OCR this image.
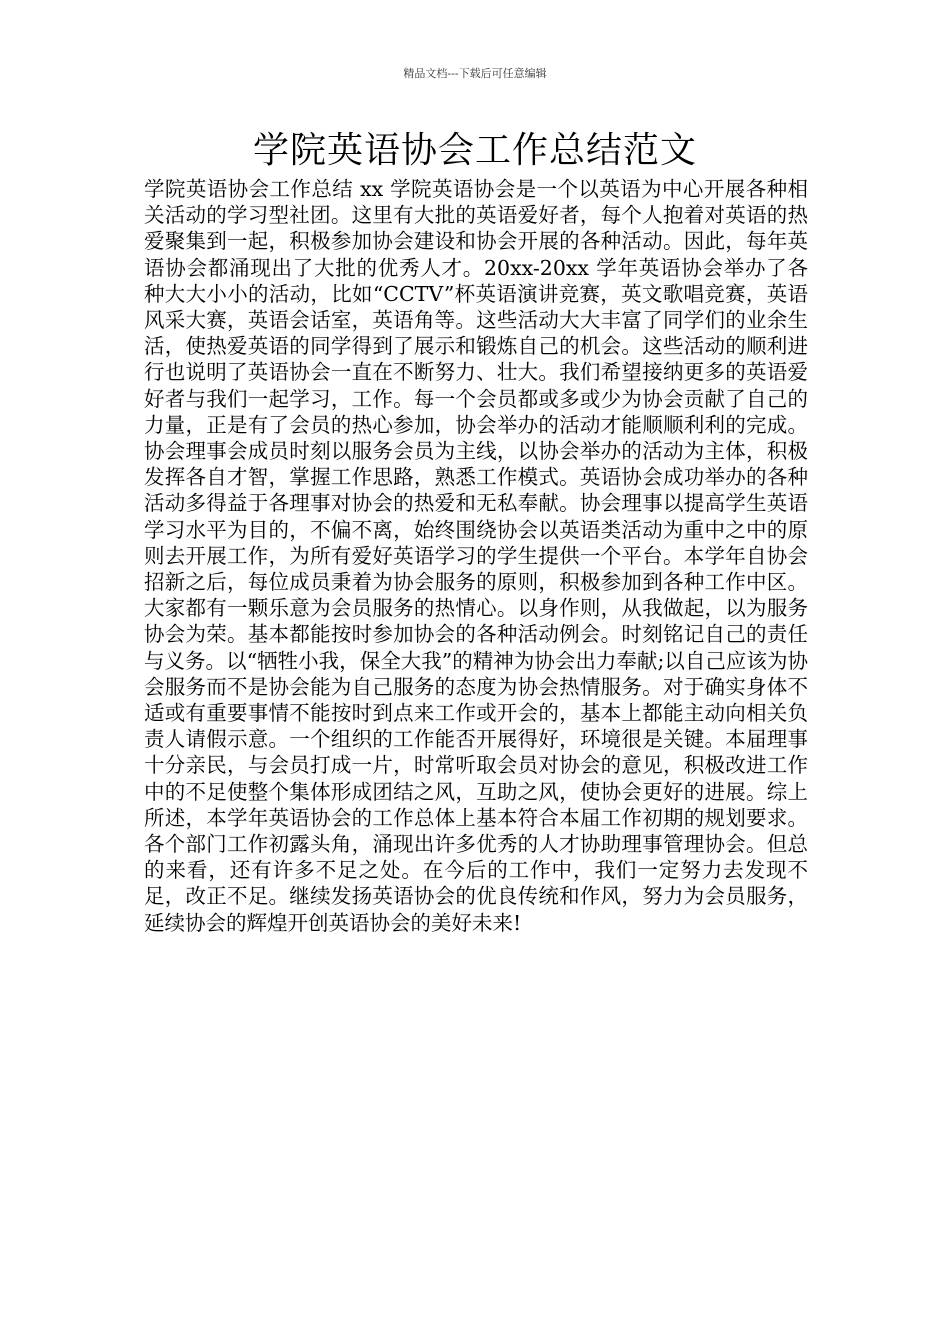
精品文档---下载后可任意编辑
学院英语协会工作总结范文

学院英语协会工作总结 xx 学院英语协会是一个以英语为中心开展各种相关活动的学习型社团。这里有大批的英语爱好者，每个人抱着对英语的热爱聚集到一起，积极参加协会建设和协会开展的各种活动。因此，每年英语协会都涌现出了大批的优秀人才。20xx-20xx 学年英语协会举办了各种大大小小的活动，比如“CCTV”杯英语演讲竞赛，英文歌唱竞赛，英语风采大赛，英语会话室，英语角等。这些活动大大丰富了同学们的业余生活，使热爱英语的同学得到了展示和锻炼自己的机会。这些活动的顺利进行也说明了英语协会一直在不断努力、壮大。我们希望接纳更多的英语爱好者与我们一起学习，工作。每一个会员都或多或少为协会贡献了自己的力量，正是有了会员的热心参加，协会举办的活动才能顺顺利利的完成。协会理事会成员时刻以服务会员为主线，以协会举办的活动为主体，积极发挥各自才智，掌握工作思路，熟悉工作模式。英语协会成功举办的各种活动多得益于各理事对协会的热爱和无私奉献。协会理事以提高学生英语学习水平为目的，不偏不离，始终围绕协会以英语类活动为重中之中的原则去开展工作，为所有爱好英语学习的学生提供一个平台。本学年自协会招新之后，每位成员秉着为协会服务的原则，积极参加到各种工作中区。大家都有一颗乐意为会员服务的热情心。以身作则，从我做起，以为服务协会为荣。基本都能按时参加协会的各种活动例会。时刻铭记自己的责任与义务。以“牺牲小我，保全大我”的精神为协会出力奉献;以自己应该为协会服务而不是协会能为自己服务的态度为协会热情服务。对于确实身体不适或有重要事情不能按时到点来工作或开会的，基本上都能主动向相关负责人请假示意。一个组织的工作能否开展得好，环境很是关键。本届理事十分亲民，与会员打成一片，时常听取会员对协会的意见，积极改进工作中的不足使整个集体形成团结之风，互助之风，使协会更好的进展。综上所述，本学年英语协会的工作总体上基本符合本届工作初期的规划要求。各个部门工作初露头角，涌现出许多优秀的人才协助理事管理协会。但总的来看，还有许多不足之处。在今后的工作中，我们一定努力去发现不足，改正不足。继续发扬英语协会的优良传统和作风，努力为会员服务，延续协会的辉煌开创英语协会的美好未来!
